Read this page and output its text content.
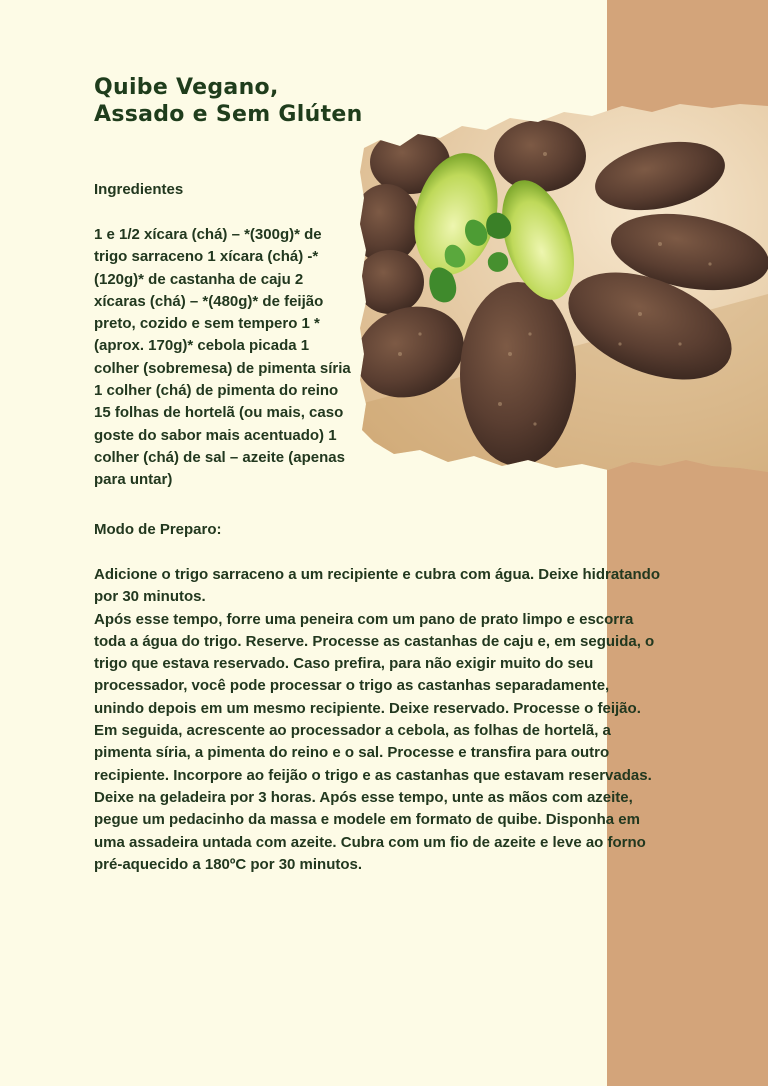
Quibe Vegano,
Assado e Sem Glúten
Ingredientes
1 e 1/2 xícara (chá) – *(300g)* de trigo sarraceno 1 xícara (chá) -*(120g)* de castanha de caju 2 xícaras (chá) – *(480g)* de feijão preto, cozido e sem tempero 1 *(aprox. 170g)* cebola picada 1 colher (sobremesa) de pimenta síria 1 colher (chá) de pimenta do reino 15 folhas de hortelã (ou mais, caso goste do sabor mais acentuado) 1 colher (chá) de sal – azeite (apenas para untar)
Modo de Preparo:
Adicione o trigo sarraceno a um recipiente e cubra com água. Deixe hidratando por 30 minutos.
Após esse tempo, forre uma peneira com um pano de prato limpo e escorra toda a água do trigo. Reserve. Processe as castanhas de caju e, em seguida, o trigo que estava reservado. Caso prefira, para não exigir muito do seu processador, você pode processar o trigo as castanhas separadamente, unindo depois em um mesmo recipiente. Deixe reservado. Processe o feijão. Em seguida, acrescente ao processador a cebola, as folhas de hortelã, a pimenta síria, a pimenta do reino e o sal. Processe e transfira para outro recipiente. Incorpore ao feijão o trigo e as castanhas que estavam reservadas. Deixe na geladeira por 3 horas. Após esse tempo, unte as mãos com azeite, pegue um pedacinho da massa e modele em formato de quibe. Disponha em uma assadeira untada com azeite. Cubra com um fio de azeite e leve ao forno pré-aquecido a 180ºC por 30 minutos.
